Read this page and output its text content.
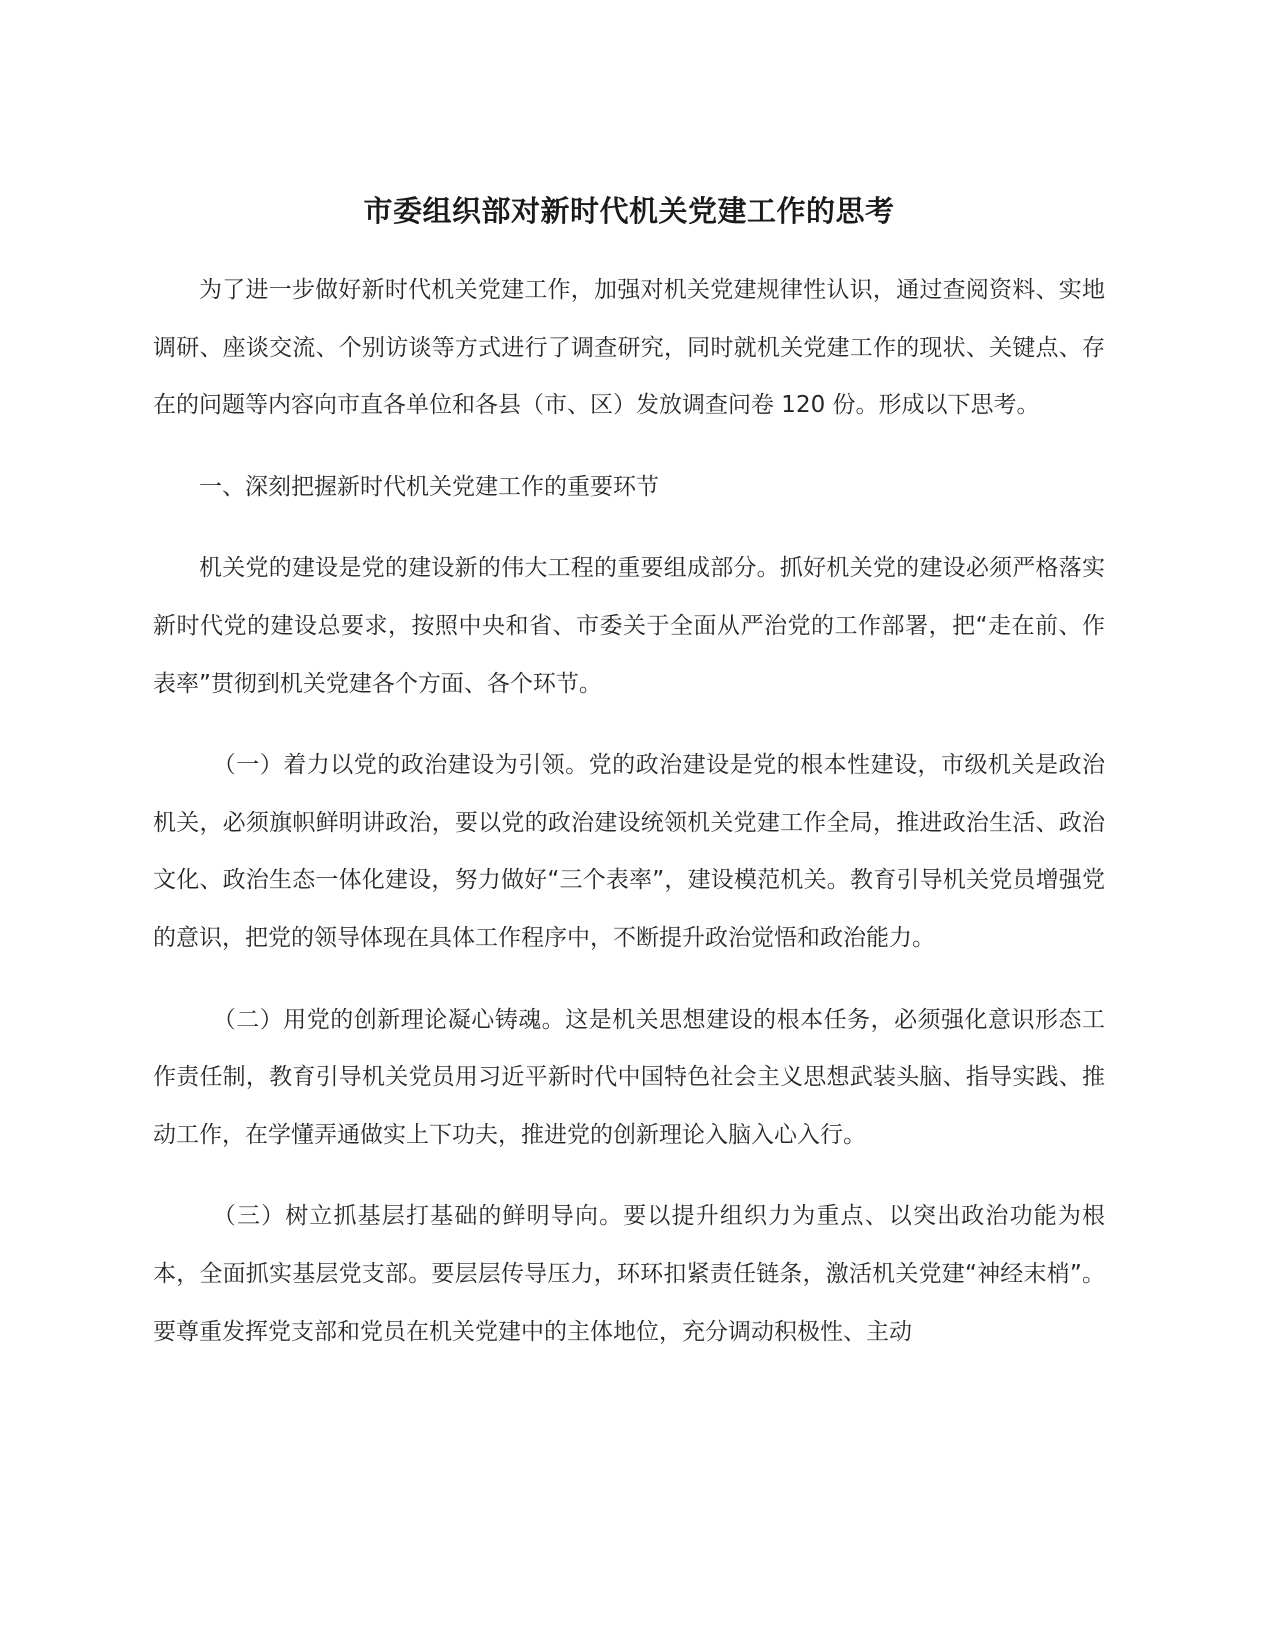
市委组织部对新时代机关党建工作的思考

为了进一步做好新时代机关党建工作，加强对机关党建规律性认识，通过查阅资料、实地调研、座谈交流、个别访谈等方式进行了调查研究，同时就机关党建工作的现状、关键点、存在的问题等内容向市直各单位和各县（市、区）发放调查问卷 120 份。形成以下思考。

一、深刻把握新时代机关党建工作的重要环节

机关党的建设是党的建设新的伟大工程的重要组成部分。抓好机关党的建设必须严格落实新时代党的建设总要求，按照中央和省、市委关于全面从严治党的工作部署，把“走在前、作表率”贯彻到机关党建各个方面、各个环节。

（一）着力以党的政治建设为引领。党的政治建设是党的根本性建设，市级机关是政治机关，必须旗帜鲜明讲政治，要以党的政治建设统领机关党建工作全局，推进政治生活、政治文化、政治生态一体化建设，努力做好“三个表率”，建设模范机关。教育引导机关党员增强党的意识，把党的领导体现在具体工作程序中，不断提升政治觉悟和政治能力。

（二）用党的创新理论凝心铸魂。这是机关思想建设的根本任务，必须强化意识形态工作责任制，教育引导机关党员用习近平新时代中国特色社会主义思想武装头脑、指导实践、推动工作，在学懂弄通做实上下功夫，推进党的创新理论入脑入心入行。

（三）树立抓基层打基础的鲜明导向。要以提升组织力为重点、以突出政治功能为根本，全面抓实基层党支部。要层层传导压力，环环扣紧责任链条，激活机关党建“神经末梢”。要尊重发挥党支部和党员在机关党建中的主体地位，充分调动积极性、主动
